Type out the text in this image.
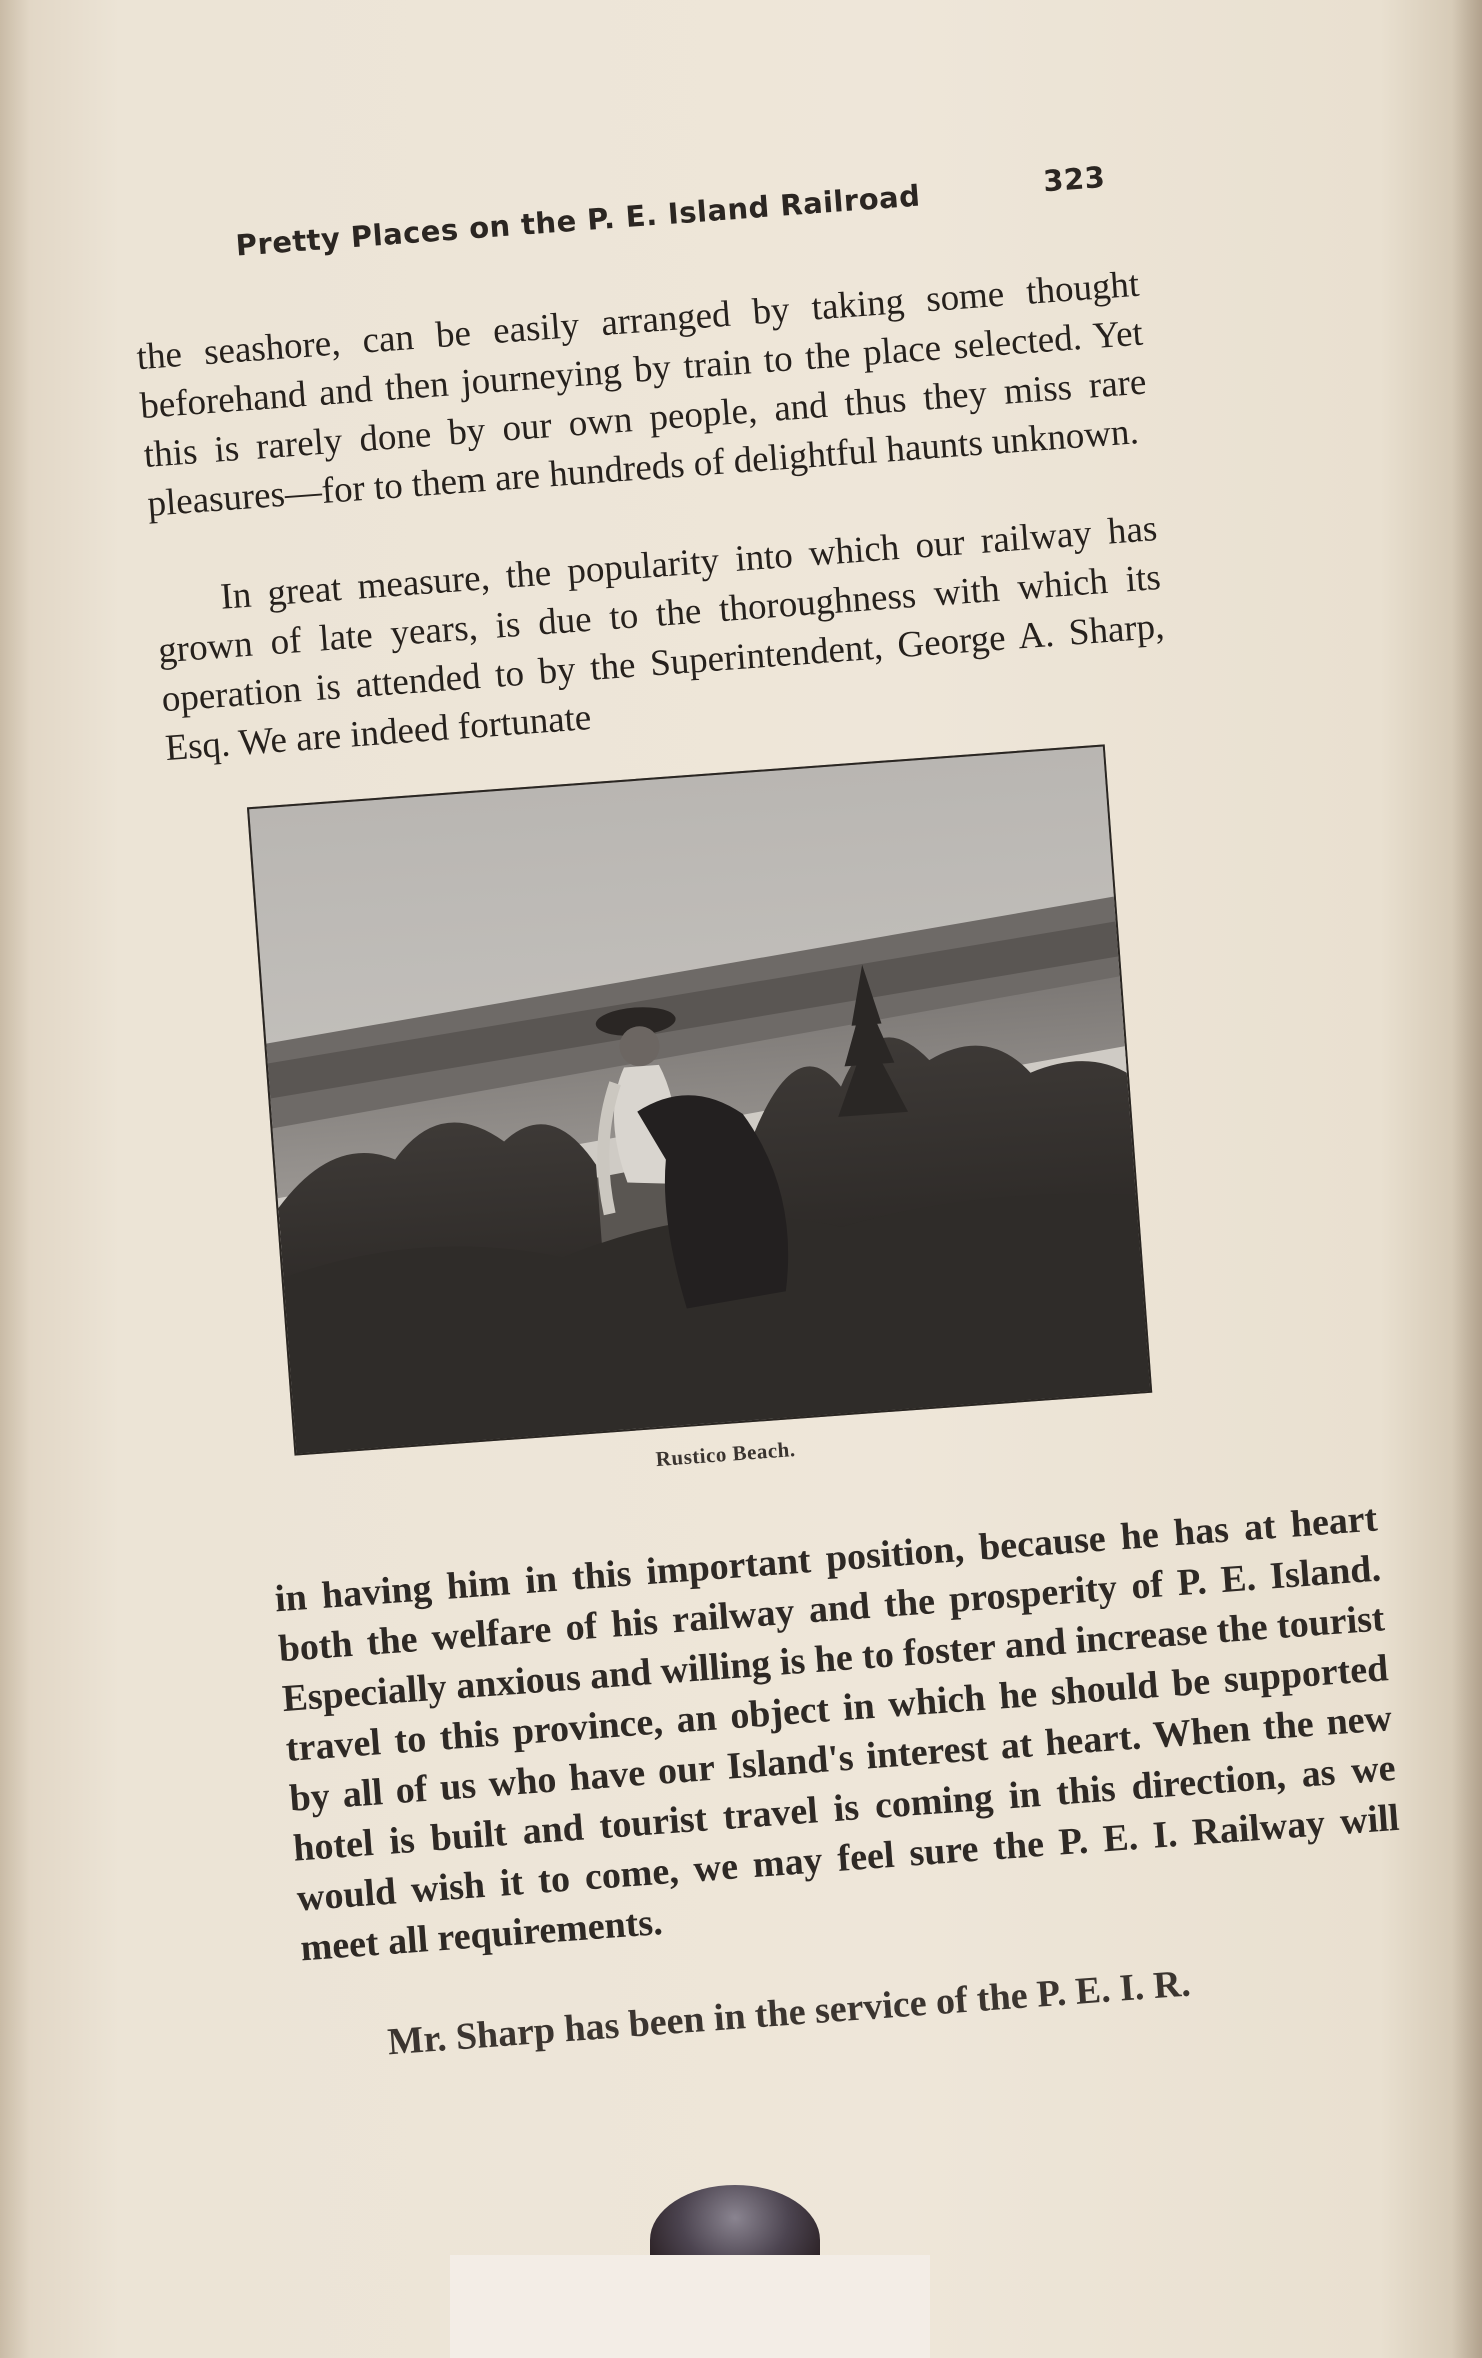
Pretty Places on the P. E. Island Railroad	323
the seashore, can be easily arranged by taking some thought beforehand and then journeying by train to the place selected. Yet this is rarely done by our own people, and thus they miss rare pleasures—for to them are hundreds of delightful haunts unknown.
In great measure, the popularity into which our railway has grown of late years, is due to the thoroughness with which its operation is attended to by the Superintendent, George A. Sharp, Esq. We are indeed fortunate
Rustico Beach.
in having him in this important position, because he has at heart both the welfare of his railway and the prosperity of P. E. Island. Especially anxious and willing is he to foster and increase the tourist travel to this province, an object in which he should be supported by all of us who have our Island's interest at heart. When the new hotel is built and tourist travel is coming in this direction, as we would wish it to come, we may feel sure the P. E. I. Railway will meet all requirements.
Mr. Sharp has been in the service of the P. E. I. R.
